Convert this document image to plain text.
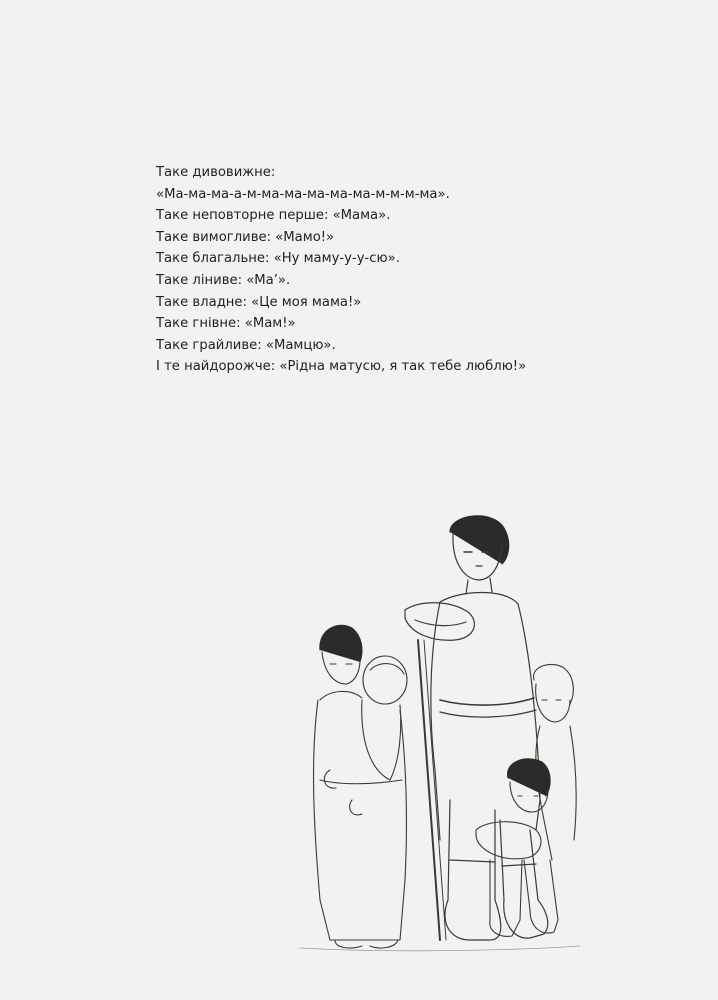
Таке дивовижне:
«Ма-ма-ма-а-м-ма-ма-ма-ма-ма-м-м-м-ма».
Таке неповторне перше: «Мама».
Таке вимогливе: «Мамо!»
Таке благальне: «Ну маму-у-у-сю».
Таке ліниве: «Ма’».
Таке владне: «Це моя мама!»
Таке гнівне: «Мам!»
Таке грайливе: «Мамцю».
І те найдорожче: «Рідна матусю, я так тебе люблю!»
